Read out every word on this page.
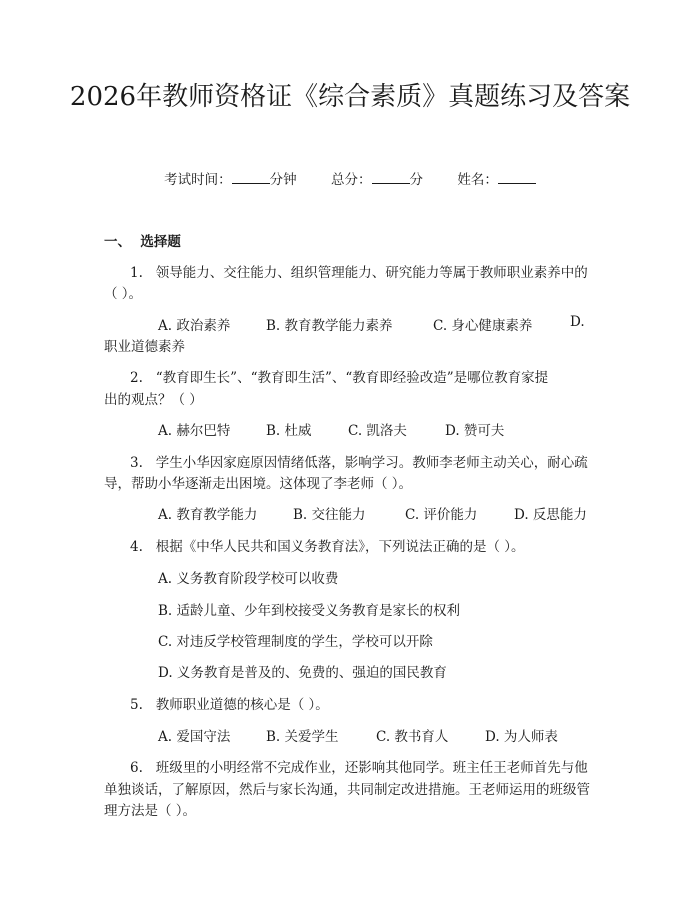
2026年教师资格证《综合素质》真题练习及答案
考试时间：	分钟	总分：	分	姓名：
一、  选择题
1. 领导能力、交往能力、组织管理能力、研究能力等属于教师职业素养中的
（ ）。
A. 政治素养	B. 教育教学能力素养	C. 身心健康素养	D.
职业道德素养
2. “教育即生长”、“教育即生活”、“教育即经验改造”是哪位教育家提
出的观点？（ ）
A. 赫尔巴特	B. 杜威	C. 凯洛夫	D. 赞可夫
3. 学生小华因家庭原因情绪低落，影响学习。教师李老师主动关心，耐心疏
导，帮助小华逐渐走出困境。这体现了李老师（ ）。
A. 教育教学能力	B. 交往能力	C. 评价能力	D. 反思能力
4. 根据《中华人民共和国义务教育法》，下列说法正确的是（ ）。
A. 义务教育阶段学校可以收费
B. 适龄儿童、少年到校接受义务教育是家长的权利
C. 对违反学校管理制度的学生，学校可以开除
D. 义务教育是普及的、免费的、强迫的国民教育
5. 教师职业道德的核心是（ ）。
A. 爱国守法	B. 关爱学生	C. 教书育人	D. 为人师表
6. 班级里的小明经常不完成作业，还影响其他同学。班主任王老师首先与他
单独谈话，了解原因，然后与家长沟通，共同制定改进措施。王老师运用的班级管
理方法是（ ）。
